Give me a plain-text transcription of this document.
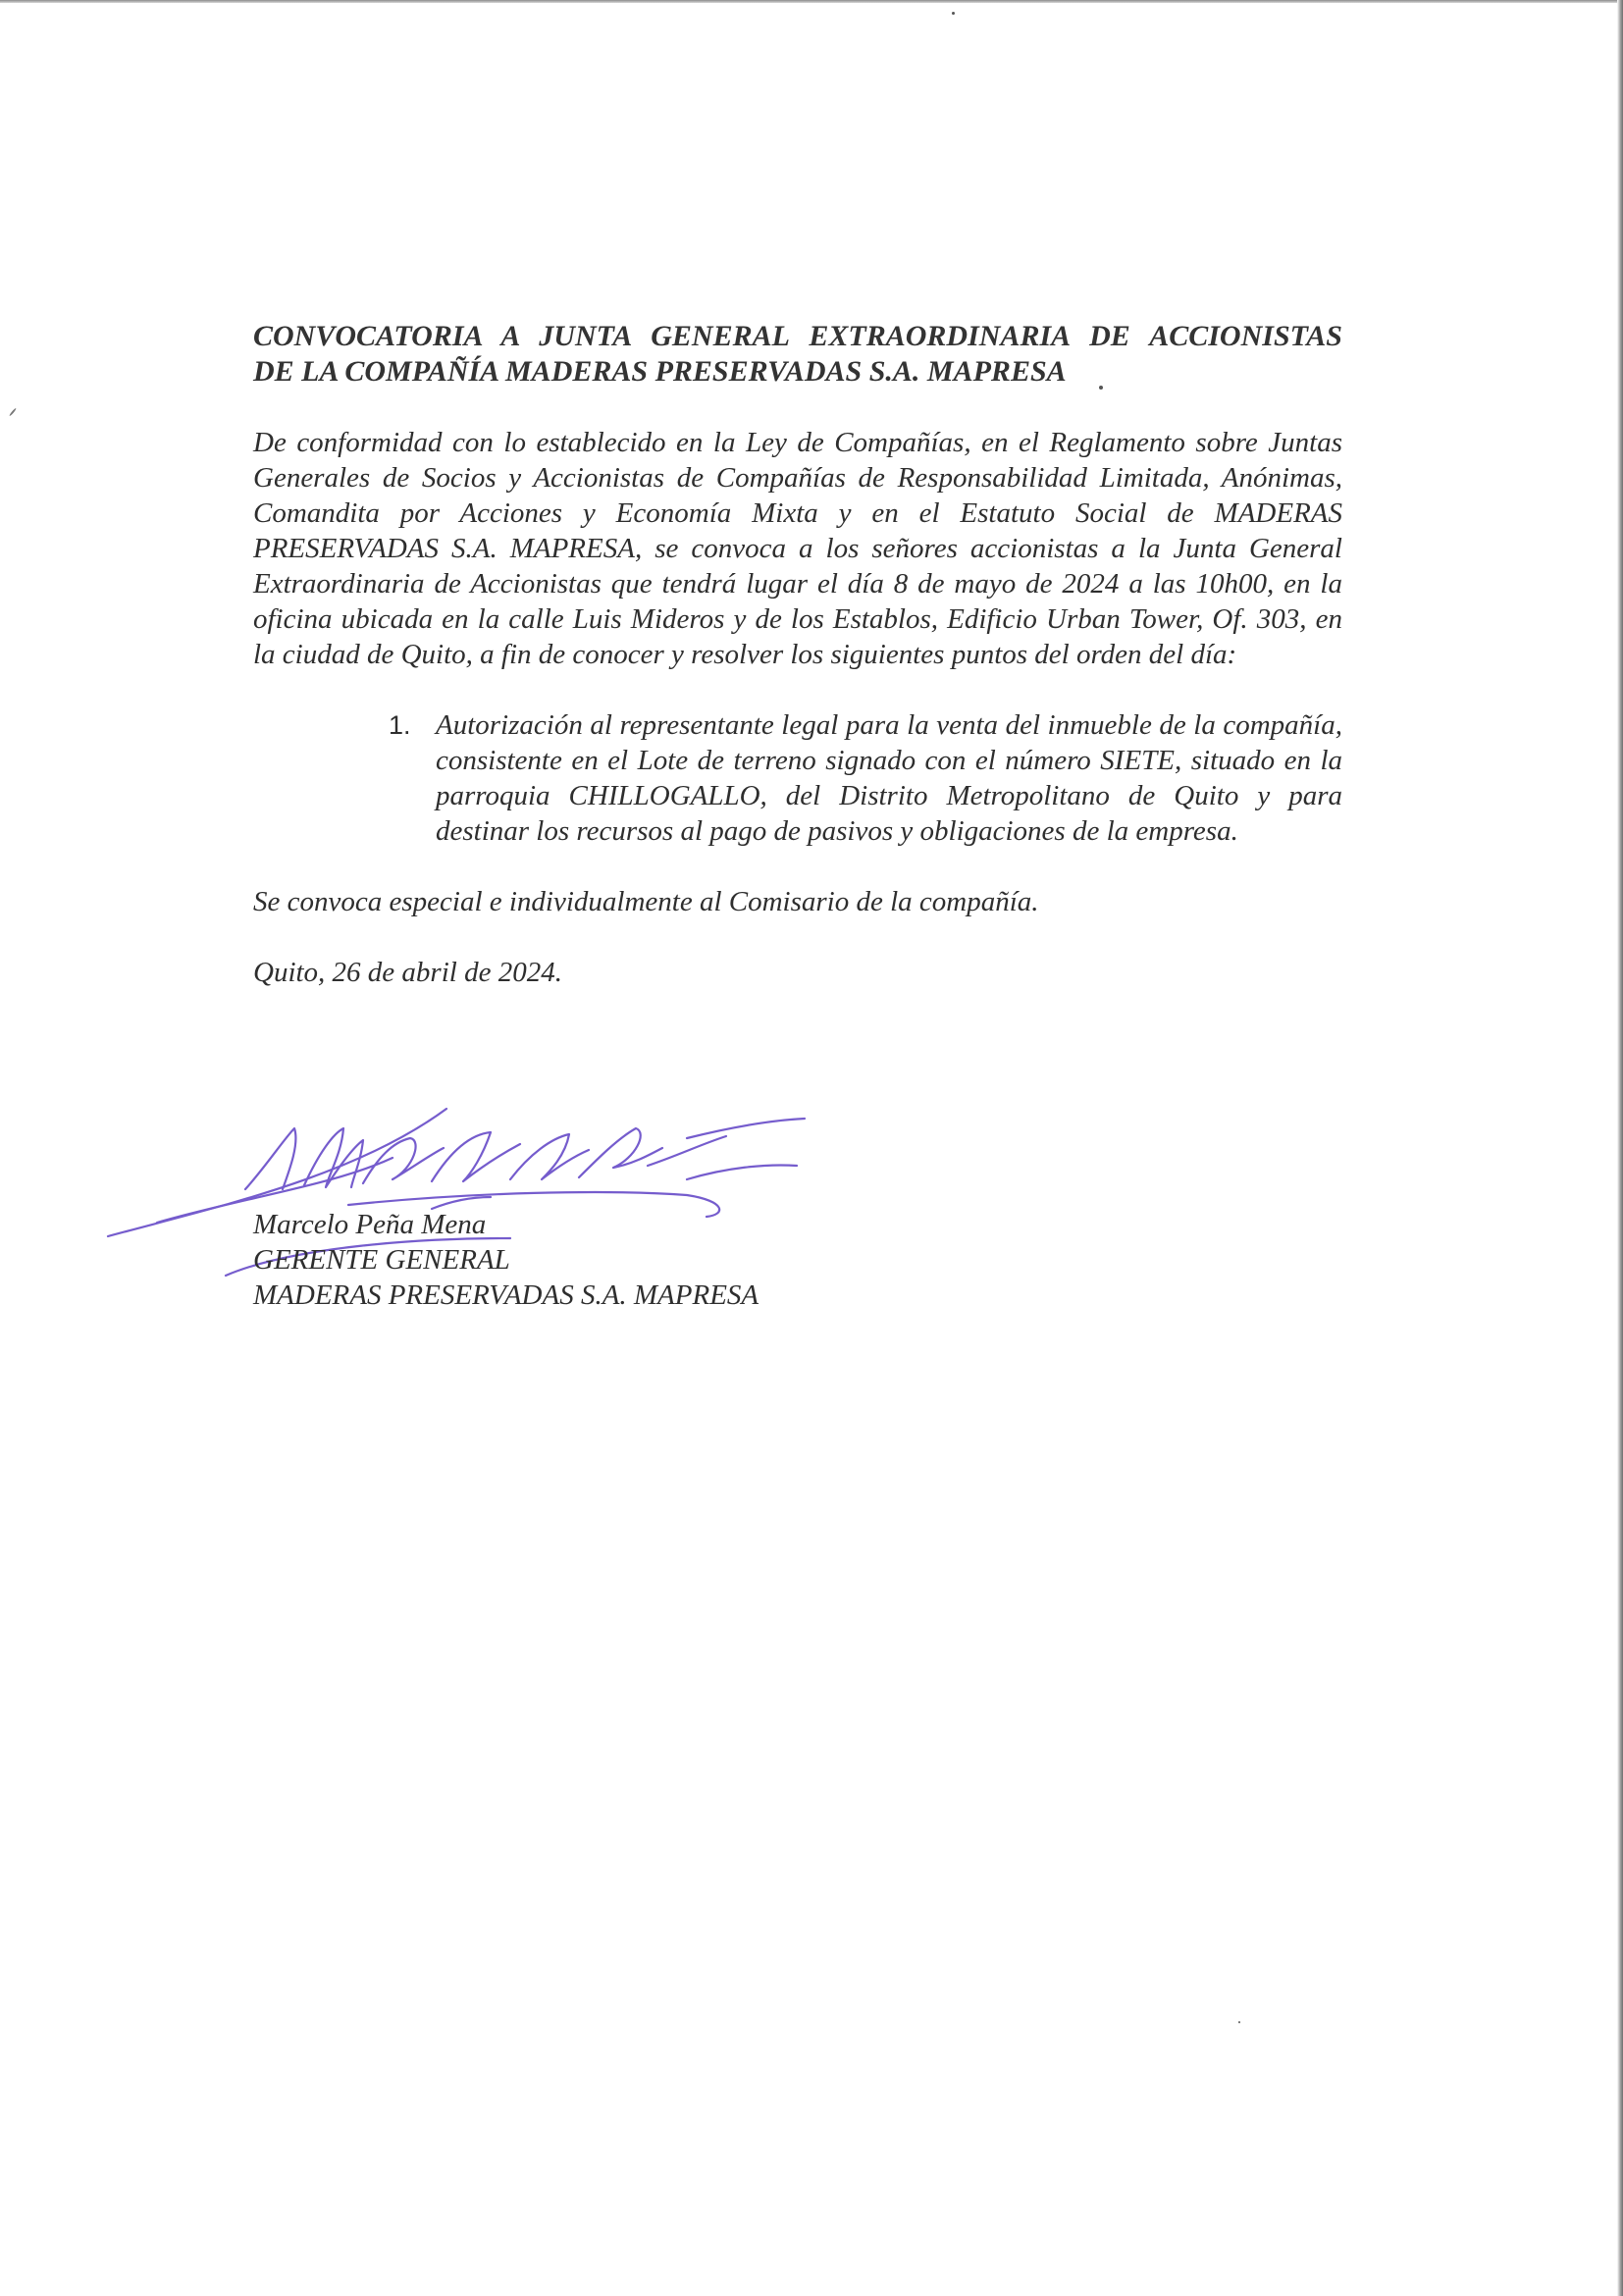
CONVOCATORIA A JUNTA GENERAL EXTRAORDINARIA DE ACCIONISTAS
DE LA COMPAÑÍA MADERAS PRESERVADAS S.A. MAPRESA

De conformidad con lo establecido en la Ley de Compañías, en el Reglamento sobre Juntas Generales de Socios y Accionistas de Compañías de Responsabilidad Limitada, Anónimas, Comandita por Acciones y Economía Mixta y en el Estatuto Social de MADERAS PRESERVADAS S.A. MAPRESA, se convoca a los señores accionistas a la Junta General Extraordinaria de Accionistas que tendrá lugar el día 8 de mayo de 2024 a las 10h00, en la oficina ubicada en la calle Luis Mideros y de los Establos, Edificio Urban Tower, Of. 303, en la ciudad de Quito, a fin de conocer y resolver los siguientes puntos del orden del día:

1. Autorización al representante legal para la venta del inmueble de la compañía, consistente en el Lote de terreno signado con el número SIETE, situado en la parroquia CHILLOGALLO, del Distrito Metropolitano de Quito y para destinar los recursos al pago de pasivos y obligaciones de la empresa.

Se convoca especial e individualmente al Comisario de la compañía.

Quito, 26 de abril de 2024.

Marcelo Peña Mena
GERENTE GENERAL
MADERAS PRESERVADAS S.A. MAPRESA
